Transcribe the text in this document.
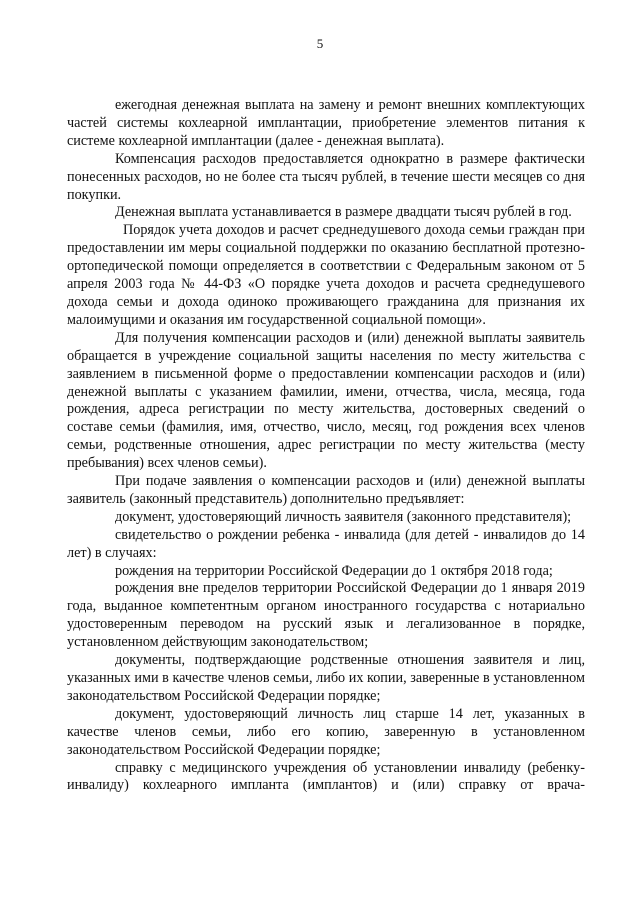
5

ежегодная денежная выплата на замену и ремонт внешних комплектующих частей системы кохлеарной имплантации, приобретение элементов питания к системе кохлеарной имплантации (далее - денежная выплата).

Компенсация расходов предоставляется однократно в размере фактически понесенных расходов, но не более ста тысяч рублей, в течение шести месяцев со дня покупки.

Денежная выплата устанавливается в размере двадцати тысяч рублей в год.

Порядок учета доходов и расчет среднедушевого дохода семьи граждан при предоставлении им меры социальной поддержки по оказанию бесплатной протезно-ортопедической помощи определяется в соответствии с Федеральным законом от 5 апреля 2003 года № 44-ФЗ «О порядке учета доходов и расчета среднедушевого дохода семьи и дохода одиноко проживающего гражданина для признания их малоимущими и оказания им государственной социальной помощи».

Для получения компенсации расходов и (или) денежной выплаты заявитель обращается в учреждение социальной защиты населения по месту жительства с заявлением в письменной форме о предоставлении компенсации расходов и (или) денежной выплаты с указанием фамилии, имени, отчества, числа, месяца, года рождения, адреса регистрации по месту жительства, достоверных сведений о составе семьи (фамилия, имя, отчество, число, месяц, год рождения всех членов семьи, родственные отношения, адрес регистрации по месту жительства (месту пребывания) всех членов семьи).

При подаче заявления о компенсации расходов и (или) денежной выплаты заявитель (законный представитель) дополнительно предъявляет:

документ, удостоверяющий личность заявителя (законного представителя);

свидетельство о рождении ребенка - инвалида (для детей - инвалидов до 14 лет) в случаях:

рождения на территории Российской Федерации до 1 октября 2018 года;

рождения вне пределов территории Российской Федерации до 1 января 2019 года, выданное компетентным органом иностранного государства с нотариально удостоверенным переводом на русский язык и легализованное в порядке, установленном действующим законодательством;

документы, подтверждающие родственные отношения заявителя и лиц, указанных ими в качестве членов семьи, либо их копии, заверенные в установленном законодательством Российской Федерации порядке;

документ, удостоверяющий личность лиц старше 14 лет, указанных в качестве членов семьи, либо его копию, заверенную в установленном законодательством Российской Федерации порядке;

справку с медицинского учреждения об установлении инвалиду (ребенку-инвалиду) кохлеарного импланта (имплантов) и (или) справку от врача-
